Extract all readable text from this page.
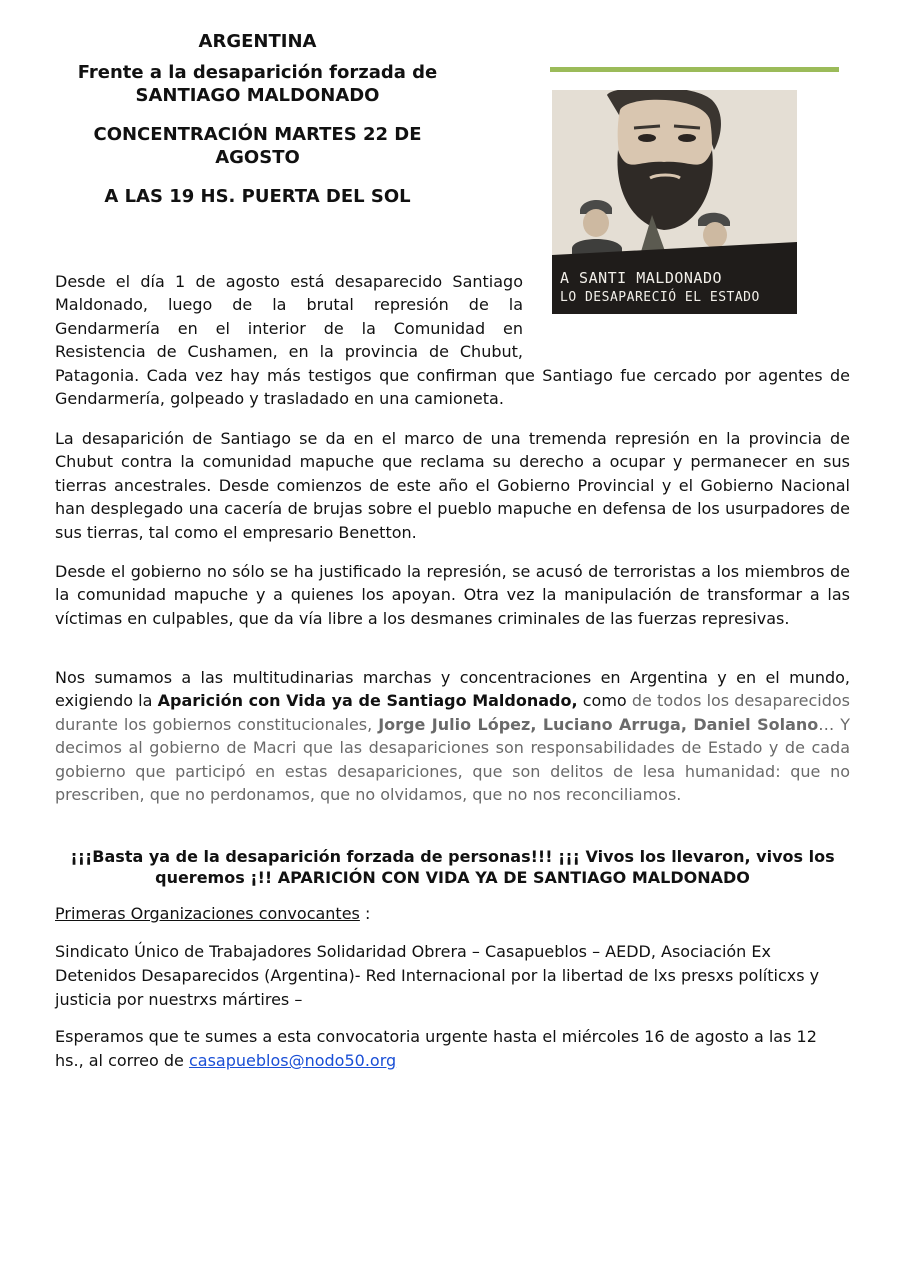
A SANTI MALDONADO
LO DESAPARECIÓ EL ESTADO
ARGENTINA
Frente a la desaparición forzada de
SANTIAGO MALDONADO
CONCENTRACIÓN MARTES 22 DE
AGOSTO
A LAS 19 HS. PUERTA DEL SOL

Desde el día 1 de agosto está desaparecido Santiago Maldonado, luego de la brutal represión de la Gendarmería en el interior de la Comunidad en Resistencia de Cushamen, en la provincia de Chubut, Patagonia. Cada vez hay más testigos que confirman que Santiago fue cercado por agentes de Gendarmería, golpeado y trasladado en una camioneta.

La desaparición de Santiago se da en el marco de una tremenda represión en la provincia de Chubut contra la comunidad mapuche que reclama su derecho a ocupar y permanecer en sus tierras ancestrales. Desde comienzos de este año el Gobierno Provincial y el Gobierno Nacional han desplegado una cacería de brujas sobre el pueblo mapuche en defensa de los usurpadores de sus tierras, tal como el empresario Benetton.

Desde el gobierno no sólo se ha justificado la represión, se acusó de terroristas a los miembros de la comunidad mapuche y a quienes los apoyan. Otra vez la manipulación de transformar a las víctimas en culpables, que da vía libre a los desmanes criminales de las fuerzas represivas.

Nos sumamos a las multitudinarias marchas y concentraciones en Argentina y en el mundo, exigiendo la Aparición con Vida ya de Santiago Maldonado, como de todos los desaparecidos durante los gobiernos constitucionales, Jorge Julio López, Luciano Arruga, Daniel Solano… Y decimos al gobierno de Macri que las desapariciones son responsabilidades de Estado y de cada gobierno que participó en estas desapariciones, que son delitos de lesa humanidad: que no prescriben, que no perdonamos, que no olvidamos, que no nos reconciliamos.

¡¡¡Basta ya de la desaparición forzada de personas!!! ¡¡¡ Vivos los llevaron, vivos los
queremos ¡!! APARICIÓN CON VIDA YA DE SANTIAGO MALDONADO
Primeras Organizaciones convocantes :
Sindicato Único de Trabajadores Solidaridad Obrera – Casapueblos – AEDD, Asociación Ex Detenidos Desaparecidos (Argentina)- Red Internacional por la libertad de lxs presxs políticxs y justicia por nuestrxs mártires –
Esperamos que te sumes a esta convocatoria urgente hasta el miércoles 16 de agosto a las 12 hs., al correo de casapueblos@nodo50.org
